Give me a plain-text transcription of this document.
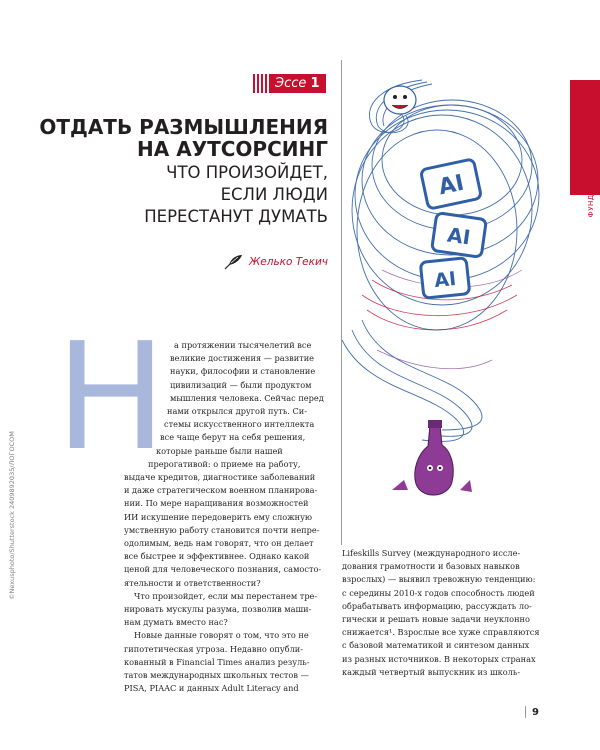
Эссе 1
ОТДАТЬ РАЗМЫШЛЕНИЯ
НА АУТСОРСИНГ
ЧТО ПРОИЗОЙДЕТ,
ЕСЛИ ЛЮДИ
ПЕРЕСТАНУТ ДУМАТЬ
Желько Текич
ФУНДАМЕНТАЛЬНЫЕ ВОПРОСЫ
©Nexusphoto/Shutterstock 2409892035/ЛОГОСОМ
AI
AI
AI
Н а протяжении тысячелетий все
великие достижения — развитие
науки, философии и становление
цивилизаций — были продуктом
мышления человека. Сейчас перед
нами открылся другой путь. Си-
стемы искусственного интеллекта
все чаще берут на себя решения,
которые раньше были нашей
прерогативой: о приеме на работу,
выдаче кредитов, диагностике заболеваний
и даже стратегическом военном планирова-
нии. По мере наращивания возможностей
ИИ искушение передоверить ему сложную
умственную работу становится почти непре-
одолимым, ведь нам говорят, что он делает
все быстрее и эффективнее. Однако какой
ценой для человеческого познания, самосто-
ятельности и ответственности?
Что произойдет, если мы перестанем тре-
нировать мускулы разума, позволив маши-
нам думать вместо нас?
Новые данные говорят о том, что это не
гипотетическая угроза. Недавно опубли-
кованный в Financial Times анализ резуль-
татов международных школьных тестов —
PISA, PIAAC и данных Adult Literacy and
Lifeskills Survey (международного иссле-
дования грамотности и базовых навыков
взрослых) — выявил тревожную тенденцию:
с середины 2010-х годов способность людей
обрабатывать информацию, рассуждать ло-
гически и решать новые задачи неуклонно
снижается¹. Взрослые все хуже справляются
с базовой математикой и синтезом данных
из разных источников. В некоторых странах
каждый четвертый выпускник из школь-
9
